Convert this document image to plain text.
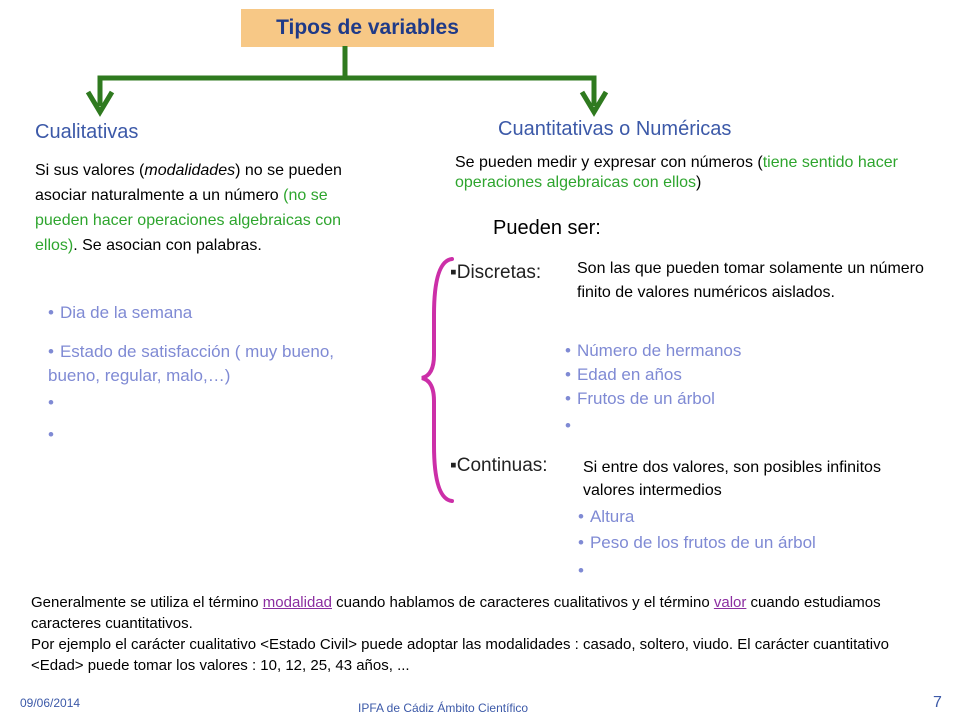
Tipos de variables
Cualitativas
Si sus valores (modalidades) no se pueden asociar naturalmente a un número (no se pueden hacer operaciones algebraicas con ellos). Se asocian con palabras.
• Dia de la semana
• Estado de satisfacción ( muy bueno, bueno, regular, malo,…)
•
•
Cuantitativas o Numéricas
Se pueden medir y expresar con números (tiene sentido hacer operaciones algebraicas con ellos)
Pueden ser:
▪Discretas: Son las que pueden tomar solamente un número finito de valores numéricos aislados.
• Número de hermanos
• Edad en años
• Frutos de un árbol
•
▪Continuas: Si entre dos valores, son posibles infinitos valores intermedios
• Altura
• Peso de los frutos de un árbol
•
Generalmente se utiliza el término modalidad cuando hablamos de caracteres cualitativos y el término valor cuando estudiamos caracteres cuantitativos.
Por ejemplo el carácter cualitativo <Estado Civil> puede adoptar las modalidades : casado, soltero, viudo. El carácter cuantitativo <Edad> puede tomar los valores : 10, 12, 25, 43 años, ...
09/06/2014	IPFA de Cádiz Ámbito Científico	7
